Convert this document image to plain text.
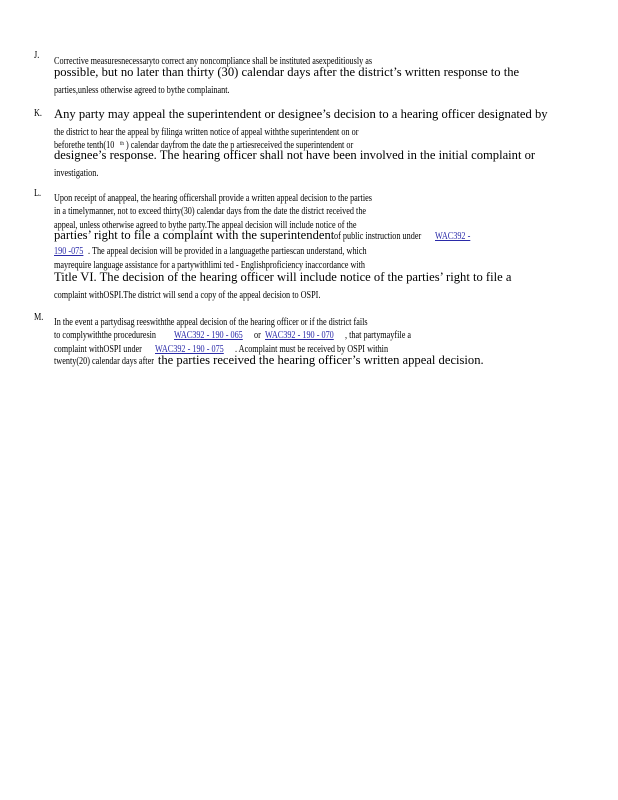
J.
Corrective measuresnecessaryto correct any noncompliance shall be instituted asexpeditiously as
possible, but no later than thirty (30) calendar days after the district’s written response to the
parties,unless otherwise agreed to bythe complainant.
K. Any party may appeal the superintendent or designee’s decision to a hearing officer designated by
the district to hear the appeal by filinga written notice of appeal withthe superintendent on or
beforethe tenth(10 th ) calendar dayfrom the date the p artiesreceived the superintendent or
designee’s response. The hearing officer shall not have been involved in the initial complaint or
investigation.
L. Upon receipt of anappeal, the hearing officershall provide a written appeal decision to the parties
in a timelymanner, not to exceed thirty(30) calendar days from the date the district received the
appeal, unless otherwise agreed to bythe party.The appeal decision will include notice of the
parties’ right to file a complaint with the superintendent of public instruction under WAC392 -
190 -075 . The appeal decision will be provided in a languagethe partiescan understand, which
mayrequire language assistance for a partywithlimi ted - Englishproficiency inaccordance with
Title VI. The decision of the hearing officer will include notice of the parties’ right to file a
complaint withOSPI.The district will send a copy of the appeal decision to OSPI.
M. In the event a partydisag reeswiththe appeal decision of the hearing officer or if the district fails
to complywiththe proceduresin WAC392 - 190 - 065 or WAC392 - 190 - 070 , that partymayfile a
complaint withOSPI under WAC392 - 190 - 075 . Acomplaint must be received by OSPI within
twenty(20) calendar days after the parties received the hearing officer’s written appeal decision.
